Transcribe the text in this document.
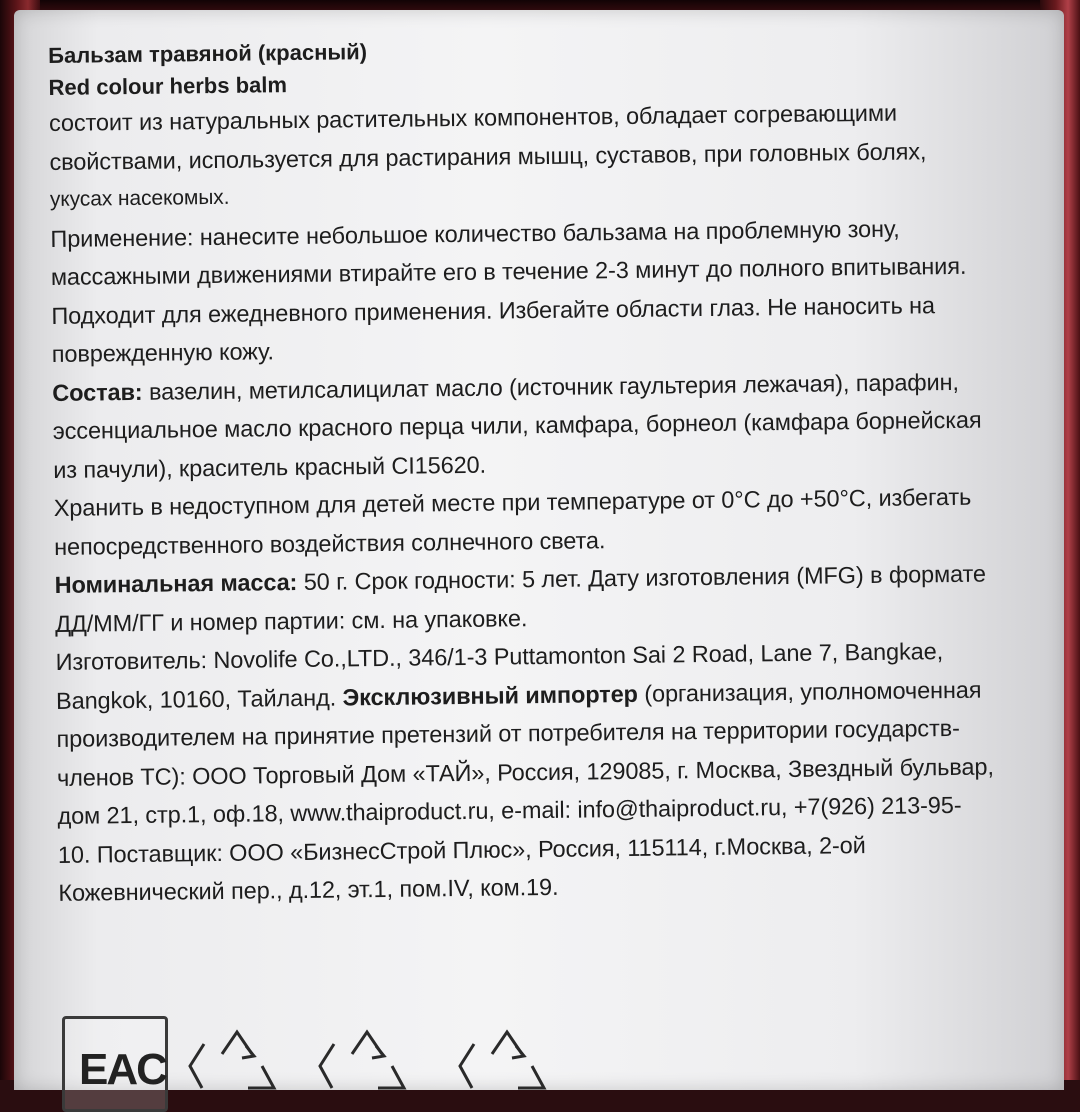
Бальзам травяной (красный)

Red colour herbs balm

состоит из натуральных растительных компонентов, обладает согревающими

свойствами, используется для растирания мышц, суставов, при головных болях,

укусах насекомых.

Применение: нанесите небольшое количество бальзама на проблемную зону,

массажными движениями втирайте его в течение 2-3 минут до полного впитывания.

Подходит для ежедневного применения. Избегайте области глаз. Не наносить на

поврежденную кожу.

Состав: вазелин, метилсалицилат масло (источник гаультерия лежачая), парафин,

эссенциальное масло красного перца чили, камфара, борнеол (камфара борнейская

из пачули), краситель красный CI15620.

Хранить в недоступном для детей месте при температуре от 0°C до +50°C, избегать

непосредственного воздействия солнечного света.

Номинальная масса: 50 г. Срок годности: 5 лет. Дату изготовления (MFG) в формате

ДД/ММ/ГГ и номер партии: см. на упаковке.

Изготовитель: Novolife Co.,LTD., 346/1-3 Puttamonton Sai 2 Road, Lane 7, Bangkae,

Bangkok, 10160, Тайланд. Эксклюзивный импортер (организация, уполномоченная

производителем на принятие претензий от потребителя на территории государств-

членов ТС): ООО Торговый Дом «ТАЙ», Россия, 129085, г. Москва, Звездный бульвар,

дом 21, стр.1, оф.18, www.thaiproduct.ru, e-mail: info@thaiproduct.ru, +7(926) 213-95-

10. Поставщик: ООО «БизнесСтрой Плюс», Россия, 115114, г.Москва, 2-ой

Кожевнический пер., д.12, эт.1, пом.IV, ком.19.

EAC
